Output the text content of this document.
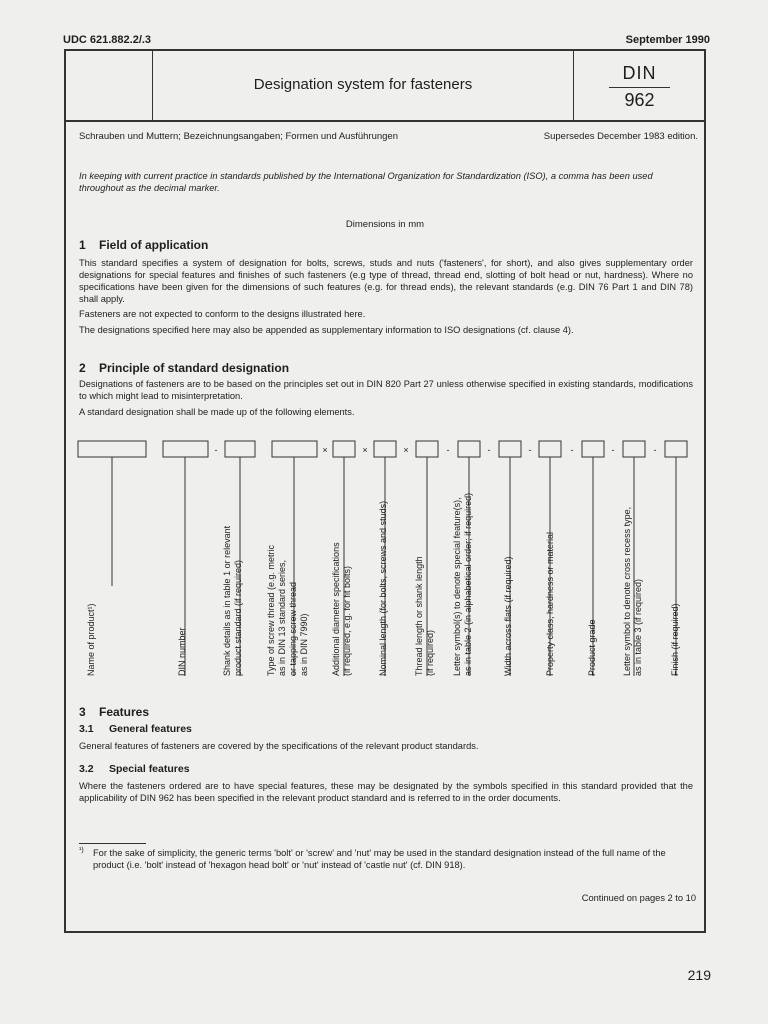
UDC 621.882.2/.3	September 1990
Designation system for fasteners
DIN
962
Schrauben und Muttern; Bezeichnungsangaben; Formen und Ausführungen	Supersedes December 1983 edition.
In keeping with current practice in standards published by the International Organization for Standardization (ISO), a comma has been used throughout as the decimal marker.
Dimensions in mm
1 Field of application
This standard specifies a system of designation for bolts, screws, studs and nuts ('fasteners', for short), and also gives supplementary order designations for special features and finishes of such fasteners (e.g type of thread, thread end, slotting of bolt head or nut, hardness). Where no specifications have been given for the dimensions of such features (e.g. for thread ends), the relevant standards (e.g. DIN 76 Part 1 and DIN 78) shall apply.
Fasteners are not expected to conform to the designs illustrated here.
The designations specified here may also be appended as supplementary information to ISO designations (cf. clause 4).
2 Principle of standard designation
Designations of fasteners are to be based on the principles set out in DIN 820 Part 27 unless otherwise specified in existing standards, modifications to which might lead to misinterpretation.
A standard designation shall be made up of the following elements.
-	×	×	×	-	-	-	-	-	-
Name of product¹)	DIN number	Shank details as in table 1 or relevant
product standard (if required)
Type of screw thread (e.g. metric
as in DIN 13 standard series,
or tapping screw thread
as in DIN 7990)
Additional diameter specifications
(if required, e.g. for fit bolts)	Nominal length (for bolts, screws and studs)	Thread length or shank length
(if required) Letter symbol(s) to denote special feature(s),
as in table 2 (in alphabetical order; if required)
Width across flats (if required)	Property class, hardness or material	Product grade	Letter symbol to denote cross recess type,
as in table 3 (if required)
Finish (if required)
3 Features
3.1 General features
General features of fasteners are covered by the specifications of the relevant product standards.
3.2 Special features
Where the fasteners ordered are to have special features, these may be designated by the symbols specified in this standard provided that the applicability of DIN 962 has been specified in the relevant product standard and is referred to in the order documents.
¹) For the sake of simplicity, the generic terms 'bolt' or 'screw' and 'nut' may be used in the standard designation instead of the full name of the product (i.e. 'bolt' instead of 'hexagon head bolt' or 'nut' instead of 'castle nut' (cf. DIN 918).
Continued on pages 2 to 10
219
